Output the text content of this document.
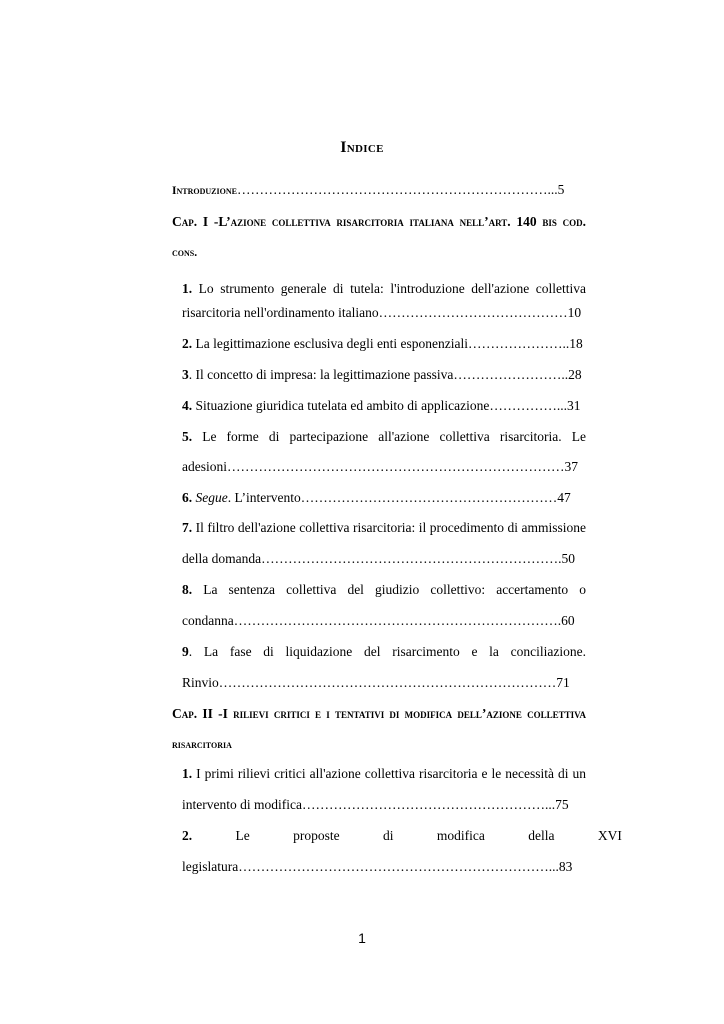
Indice
Introduzione……………………………………………………………...5
Cap. I -L’azione collettiva risarcitoria italiana nell’art. 140 bis cod.
cons.
1. Lo strumento generale di tutela: l'introduzione dell'azione collettiva
risarcitoria nell'ordinamento italiano……………………………………10
2. La legittimazione esclusiva degli enti esponenziali…………………..18
3. Il concetto di impresa: la legittimazione passiva……………………..28
4. Situazione giuridica tutelata ed ambito di applicazione……………...31
5. Le forme di partecipazione all'azione collettiva risarcitoria. Le
adesioni…………………………………………………………………37
6. Segue. L’intervento…………………………………………………47
7. Il filtro dell'azione collettiva risarcitoria: il procedimento di ammissione
della domanda………………………………………………………….50
8. La sentenza collettiva del giudizio collettivo: accertamento o
condanna……………………………………………………………….60
9. La fase di liquidazione del risarcimento e la conciliazione.
Rinvio…………………………………………………………………71
Cap. II -I rilievi critici e i tentativi di modifica dell’azione collettiva
risarcitoria
1. I primi rilievi critici all'azione collettiva risarcitoria e le necessità di un
intervento di modifica………………………………………………...75
2. Le proposte di modifica della XVI
legislatura……………………………………………………………...83
1
